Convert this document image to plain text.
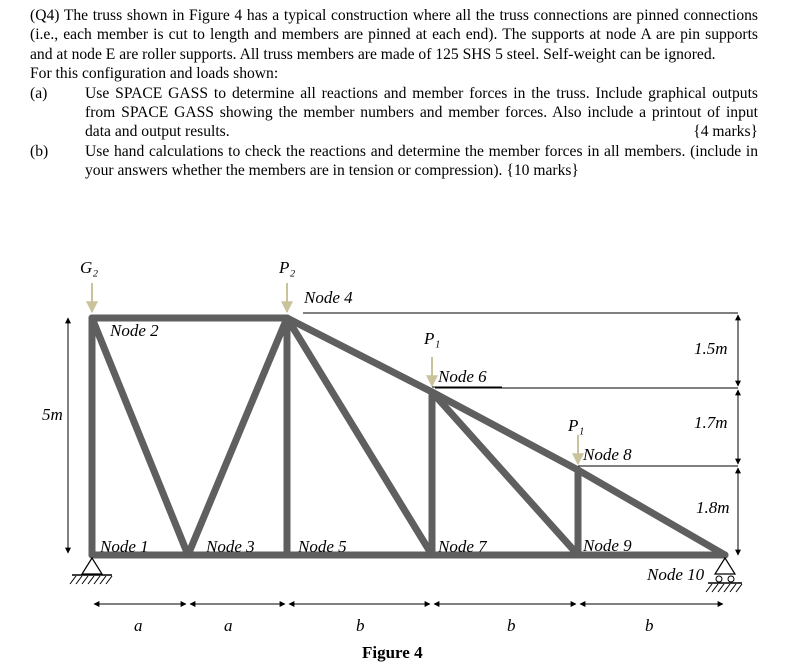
(Q4) The truss shown in Figure 4 has a typical construction where all the truss connections are pinned connections (i.e., each member is cut to length and members are pinned at each end). The supports at node A are pin supports and at node E are roller supports. All truss members are made of 125 SHS 5 steel. Self-weight can be ignored.

For this configuration and loads shown:

(a)	Use SPACE GASS to determine all reactions and member forces in the truss. Include graphical outputs from SPACE GASS showing the member numbers and member forces. Also include a printout of input data and output results.	{4 marks}
(b)	Use hand calculations to check the reactions and determine the member forces in all members. (include in your answers whether the members are in tension or compression). {10 marks}
G₂	P₂
P₁
P₁
Node 1
Node 2
Node 3
Node 4
Node 5
Node 6
Node 7
Node 8
Node 9
Node 10
5m
1.5m
1.7m
1.8m
a	a	b	b	b
Figure 4
